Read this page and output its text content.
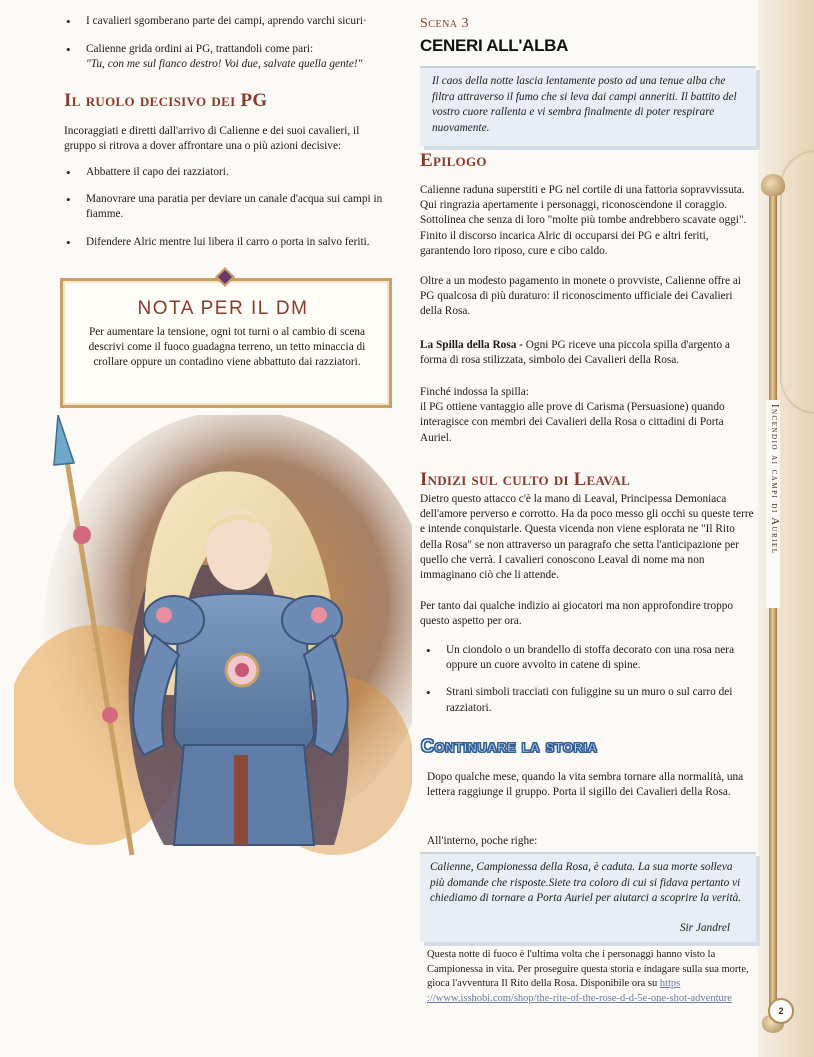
Incendio ai campi di Auriel
2
• I cavalieri sgomberano parte dei campi, aprendo varchi sicuri·
• Calienne grida ordini ai PG, trattandoli come pari:
"Tu, con me sul fianco destro! Voi due, salvate quella gente!"
Il ruolo decisivo dei PG

Incoraggiati e diretti dall'arrivo di Calienne e dei suoi cavalieri, il gruppo si ritrova a dover affrontare una o più azioni decisive:

• Abbattere il capo dei razziatori.
• Manovrare una paratia per deviare un canale d'acqua sui campi in fiamme.
• Difendere Alric mentre lui libera il carro o porta in salvo feriti.
NOTA PER IL DM

Per aumentare la tensione, ogni tot turni o al cambio di scena descrivi come il fuoco guadagna terreno, un tetto minaccia di crollare oppure un contadino viene abbattuto dai razziatori.

Scena 3
CENERI ALL'ALBA

Il caos della notte lascia lentamente posto ad una tenue alba che filtra attraverso il fumo che si leva dai campi anneriti. Il battito del vostro cuore rallenta e vi sembra finalmente di poter respirare nuovamente.

Epilogo

Calienne raduna superstiti e PG nel cortile di una fattoria sopravvissuta. Qui ringrazia apertamente i personaggi, riconoscendone il coraggio. Sottolinea che senza di loro "molte più tombe andrebbero scavate oggi". Finito il discorso incarica Alric di occuparsi dei PG e altri feriti, garantendo loro riposo, cure e cibo caldo.

Oltre a un modesto pagamento in monete o provviste, Calienne offre ai PG qualcosa di più duraturo: il riconoscimento ufficiale dei Cavalieri della Rosa.

La Spilla della Rosa - Ogni PG riceve una piccola spilla d'argento a forma di rosa stilizzata, simbolo dei Cavalieri della Rosa.

Finché indossa la spilla:
il PG ottiene vantaggio alle prove di Carisma (Persuasione) quando interagisce con membri dei Cavalieri della Rosa o cittadini di Porta Auriel.

Indizi sul culto di Leaval

Dietro questo attacco c'è la mano di Leaval, Principessa Demoniaca dell'amore perverso e corrotto. Ha da poco messo gli occhi su queste terre e intende conquistarle. Questa vicenda non viene esplorata ne "Il Rito della Rosa" se non attraverso un paragrafo che setta l'anticipazione per quello che verrà. I cavalieri conoscono Leaval di nome ma non immaginano ciò che li attende.

Per tanto dai qualche indizio ai giocatori ma non approfondire troppo questo aspetto per ora.

• Un ciondolo o un brandello di stoffa decorato con una rosa nera oppure un cuore avvolto in catene di spine.
• Strani simboli tracciati con fuliggine su un muro o sul carro dei razziatori.
Continuare la storia

Dopo qualche mese, quando la vita sembra tornare alla normalità, una lettera raggiunge il gruppo. Porta il sigillo dei Cavalieri della Rosa.

All'interno, poche righe:

Calienne, Campionessa della Rosa, è caduta. La sua morte solleva più domande che risposte.Siete tra coloro di cui si fidava pertanto vi chiediamo di tornare a Porta Auriel per aiutarci a scoprire la verità.

Sir Jandrel

Questa notte di fuoco è l'ultima volta che i personaggi hanno visto la Campionessa in vita. Per proseguire questa storia e indagare sulla sua morte, gioca l'avventura Il Rito della Rosa. Disponibile ora su https ://www.isshobi.com/shop/the-rite-of-the-rose-d-d-5e-one-shot-adventure
